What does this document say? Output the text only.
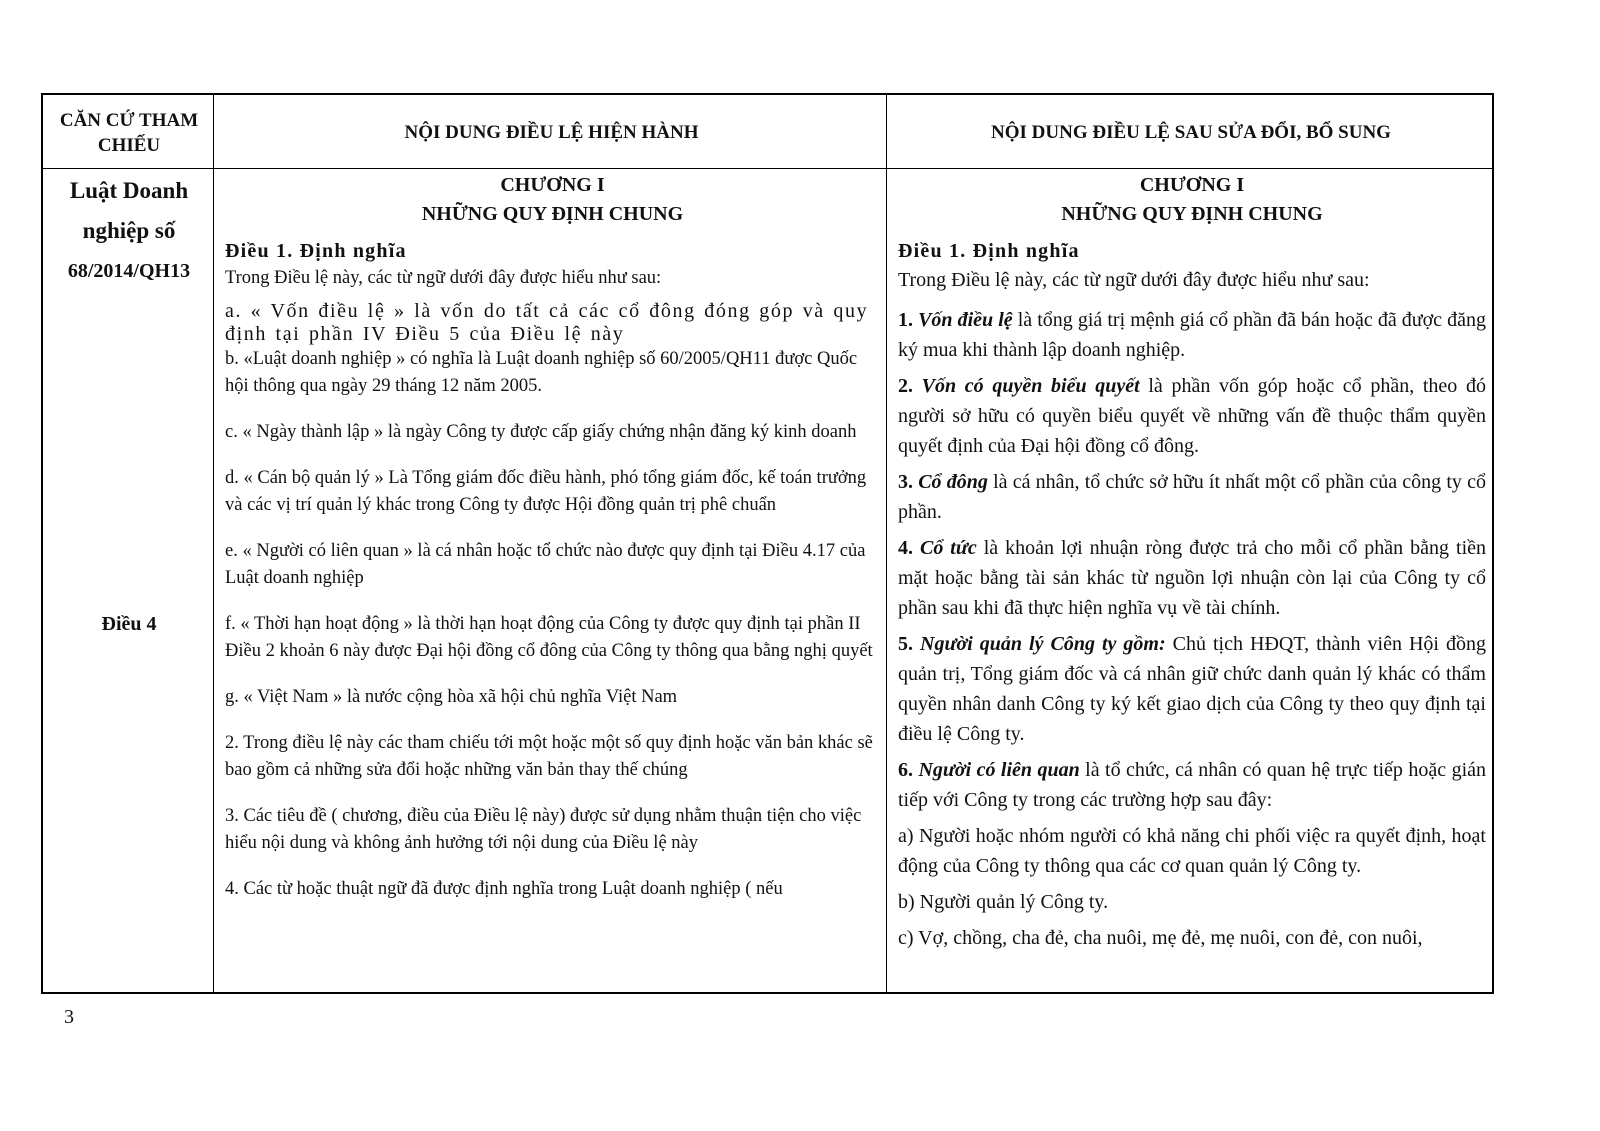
CĂN CỨ THAM CHIẾU
NỘI DUNG ĐIỀU LỆ HIỆN HÀNH	NỘI DUNG ĐIỀU LỆ SAU SỬA ĐỔI, BỔ SUNG
Luật Doanh
nghiệp số
68/2014/QH13
Điều 4
CHƯƠNG I
NHỮNG QUY ĐỊNH CHUNG
Điều 1. Định nghĩa

Trong Điều lệ này, các từ ngữ dưới đây được hiểu như sau:

a. « Vốn điều lệ » là vốn do tất cả các cổ đông đóng góp và quy định tại phần IV Điều 5 của Điều lệ này

b. «Luật doanh nghiệp » có nghĩa là Luật doanh nghiệp số 60/2005/QH11 được Quốc hội thông qua ngày 29 tháng 12 năm 2005.

c. « Ngày thành lập » là ngày Công ty được cấp giấy chứng nhận đăng ký kinh doanh

d. « Cán bộ quản lý » Là Tổng giám đốc điều hành, phó tổng giám đốc, kế toán trưởng và các vị trí quản lý khác trong Công ty được Hội đồng quản trị phê chuẩn

e. « Người có liên quan » là cá nhân hoặc tổ chức nào được quy định tại Điều 4.17 của Luật doanh nghiệp

f. « Thời hạn hoạt động » là thời hạn hoạt động của Công ty được quy định tại phần II Điều 2 khoản 6 này được Đại hội đồng cổ đông của Công ty thông qua bằng nghị quyết

g. « Việt Nam » là nước cộng hòa xã hội chủ nghĩa Việt Nam

2. Trong điều lệ này các tham chiếu tới một hoặc một số quy định hoặc văn bản khác sẽ bao gồm cả những sửa đổi hoặc những văn bản thay thế chúng

3. Các tiêu đề ( chương, điều của Điều lệ này) được sử dụng nhằm thuận tiện cho việc hiểu nội dung và không ảnh hưởng tới nội dung của Điều lệ này

4. Các từ hoặc thuật ngữ đã được định nghĩa trong Luật doanh nghiệp ( nếu

CHƯƠNG I
NHỮNG QUY ĐỊNH CHUNG
Điều 1. Định nghĩa

Trong Điều lệ này, các từ ngữ dưới đây được hiểu như sau:

1. Vốn điều lệ là tổng giá trị mệnh giá cổ phần đã bán hoặc đã được đăng ký mua khi thành lập doanh nghiệp.

2. Vốn có quyền biểu quyết là phần vốn góp hoặc cổ phần, theo đó người sở hữu có quyền biểu quyết về những vấn đề thuộc thẩm quyền quyết định của Đại hội đồng cổ đông.

3. Cổ đông là cá nhân, tổ chức sở hữu ít nhất một cổ phần của công ty cổ phần.

4. Cổ tức là khoản lợi nhuận ròng được trả cho mỗi cổ phần bằng tiền mặt hoặc bằng tài sản khác từ nguồn lợi nhuận còn lại của Công ty cổ phần sau khi đã thực hiện nghĩa vụ về tài chính.

5. Người quản lý Công ty gồm: Chủ tịch HĐQT, thành viên Hội đồng quản trị, Tổng giám đốc và cá nhân giữ chức danh quản lý khác có thẩm quyền nhân danh Công ty ký kết giao dịch của Công ty theo quy định tại điều lệ Công ty.

6. Người có liên quan là tổ chức, cá nhân có quan hệ trực tiếp hoặc gián tiếp với Công ty trong các trường hợp sau đây:

a) Người hoặc nhóm người có khả năng chi phối việc ra quyết định, hoạt động của Công ty thông qua các cơ quan quản lý Công ty.

b) Người quản lý Công ty.

c) Vợ, chồng, cha đẻ, cha nuôi, mẹ đẻ, mẹ nuôi, con đẻ, con nuôi,

3
